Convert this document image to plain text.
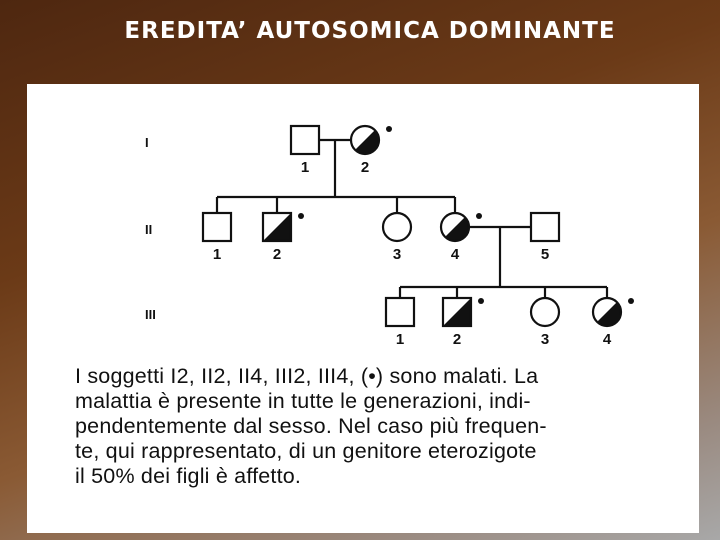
EREDITA’ AUTOSOMICA DOMINANTE
I
II
III
1	2
1	2	3	4	5
1	2	3	4
I soggetti I2, II2, II4, III2, III4, (•) sono malati. La
malattia è presente in tutte le generazioni, indi-
pendentemente dal sesso. Nel caso più frequen-
te, qui rappresentato, di un genitore eterozigote
il 50% dei figli è affetto.
